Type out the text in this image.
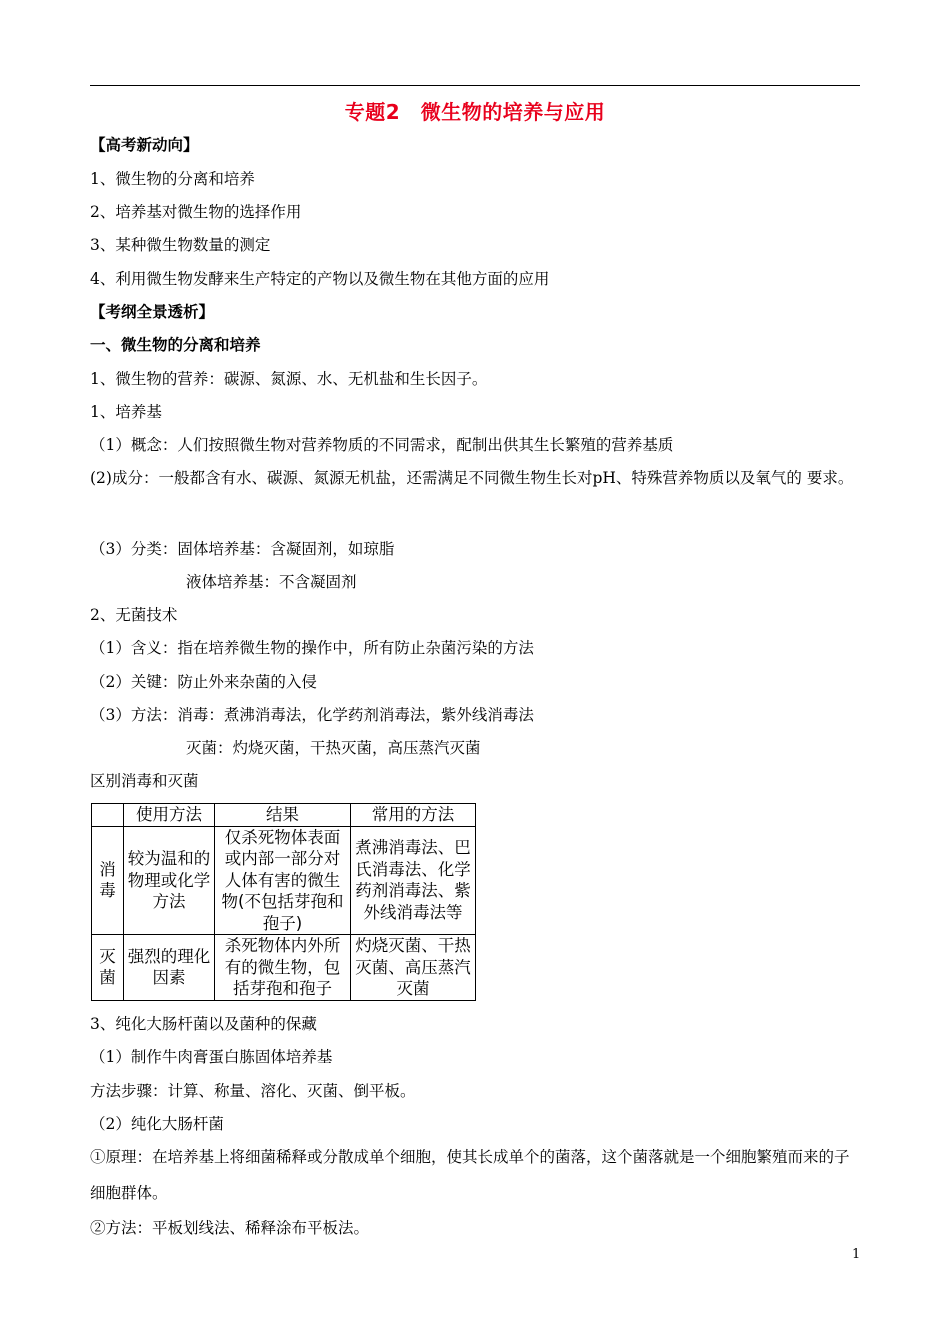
专题2　微生物的培养与应用
【高考新动向】
1、微生物的分离和培养
2、培养基对微生物的选择作用
3、某种微生物数量的测定
4、利用微生物发酵来生产特定的产物以及微生物在其他方面的应用
【考纲全景透析】
一、微生物的分离和培养
1、微生物的营养：碳源、氮源、水、无机盐和生长因子。
1、培养基
（1）概念：人们按照微生物对营养物质的不同需求，配制出供其生长繁殖的营养基质
(2)成分：一般都含有水、碳源、氮源无机盐，还需满足不同微生物生长对pH、特殊营养物质以及氧气的 要求。
（3）分类：固体培养基：含凝固剂，如琼脂
液体培养基：不含凝固剂
2、无菌技术
（1）含义：指在培养微生物的操作中，所有防止杂菌污染的方法
（2）关键：防止外来杂菌的入侵
（3）方法：消毒：煮沸消毒法，化学药剂消毒法，紫外线消毒法
灭菌：灼烧灭菌，干热灭菌，高压蒸汽灭菌
区别消毒和灭菌
	使用方法	结果	常用的方法
消毒	较为温和的物理或化学方法	仅杀死物体表面或内部一部分对人体有害的微生物(不包括芽孢和孢子)	煮沸消毒法、巴氏消毒法、化学药剂消毒法、紫外线消毒法等
灭菌	强烈的理化因素	杀死物体内外所有的微生物，包括芽孢和孢子	灼烧灭菌、干热灭菌、高压蒸汽灭菌
3、纯化大肠杆菌以及菌种的保藏
（1）制作牛肉膏蛋白胨固体培养基
方法步骤：计算、称量、溶化、灭菌、倒平板。
（2）纯化大肠杆菌
①原理：在培养基上将细菌稀释或分散成单个细胞，使其长成单个的菌落，这个菌落就是一个细胞繁殖而来的子细胞群体。
②方法：平板划线法、稀释涂布平板法。
1
